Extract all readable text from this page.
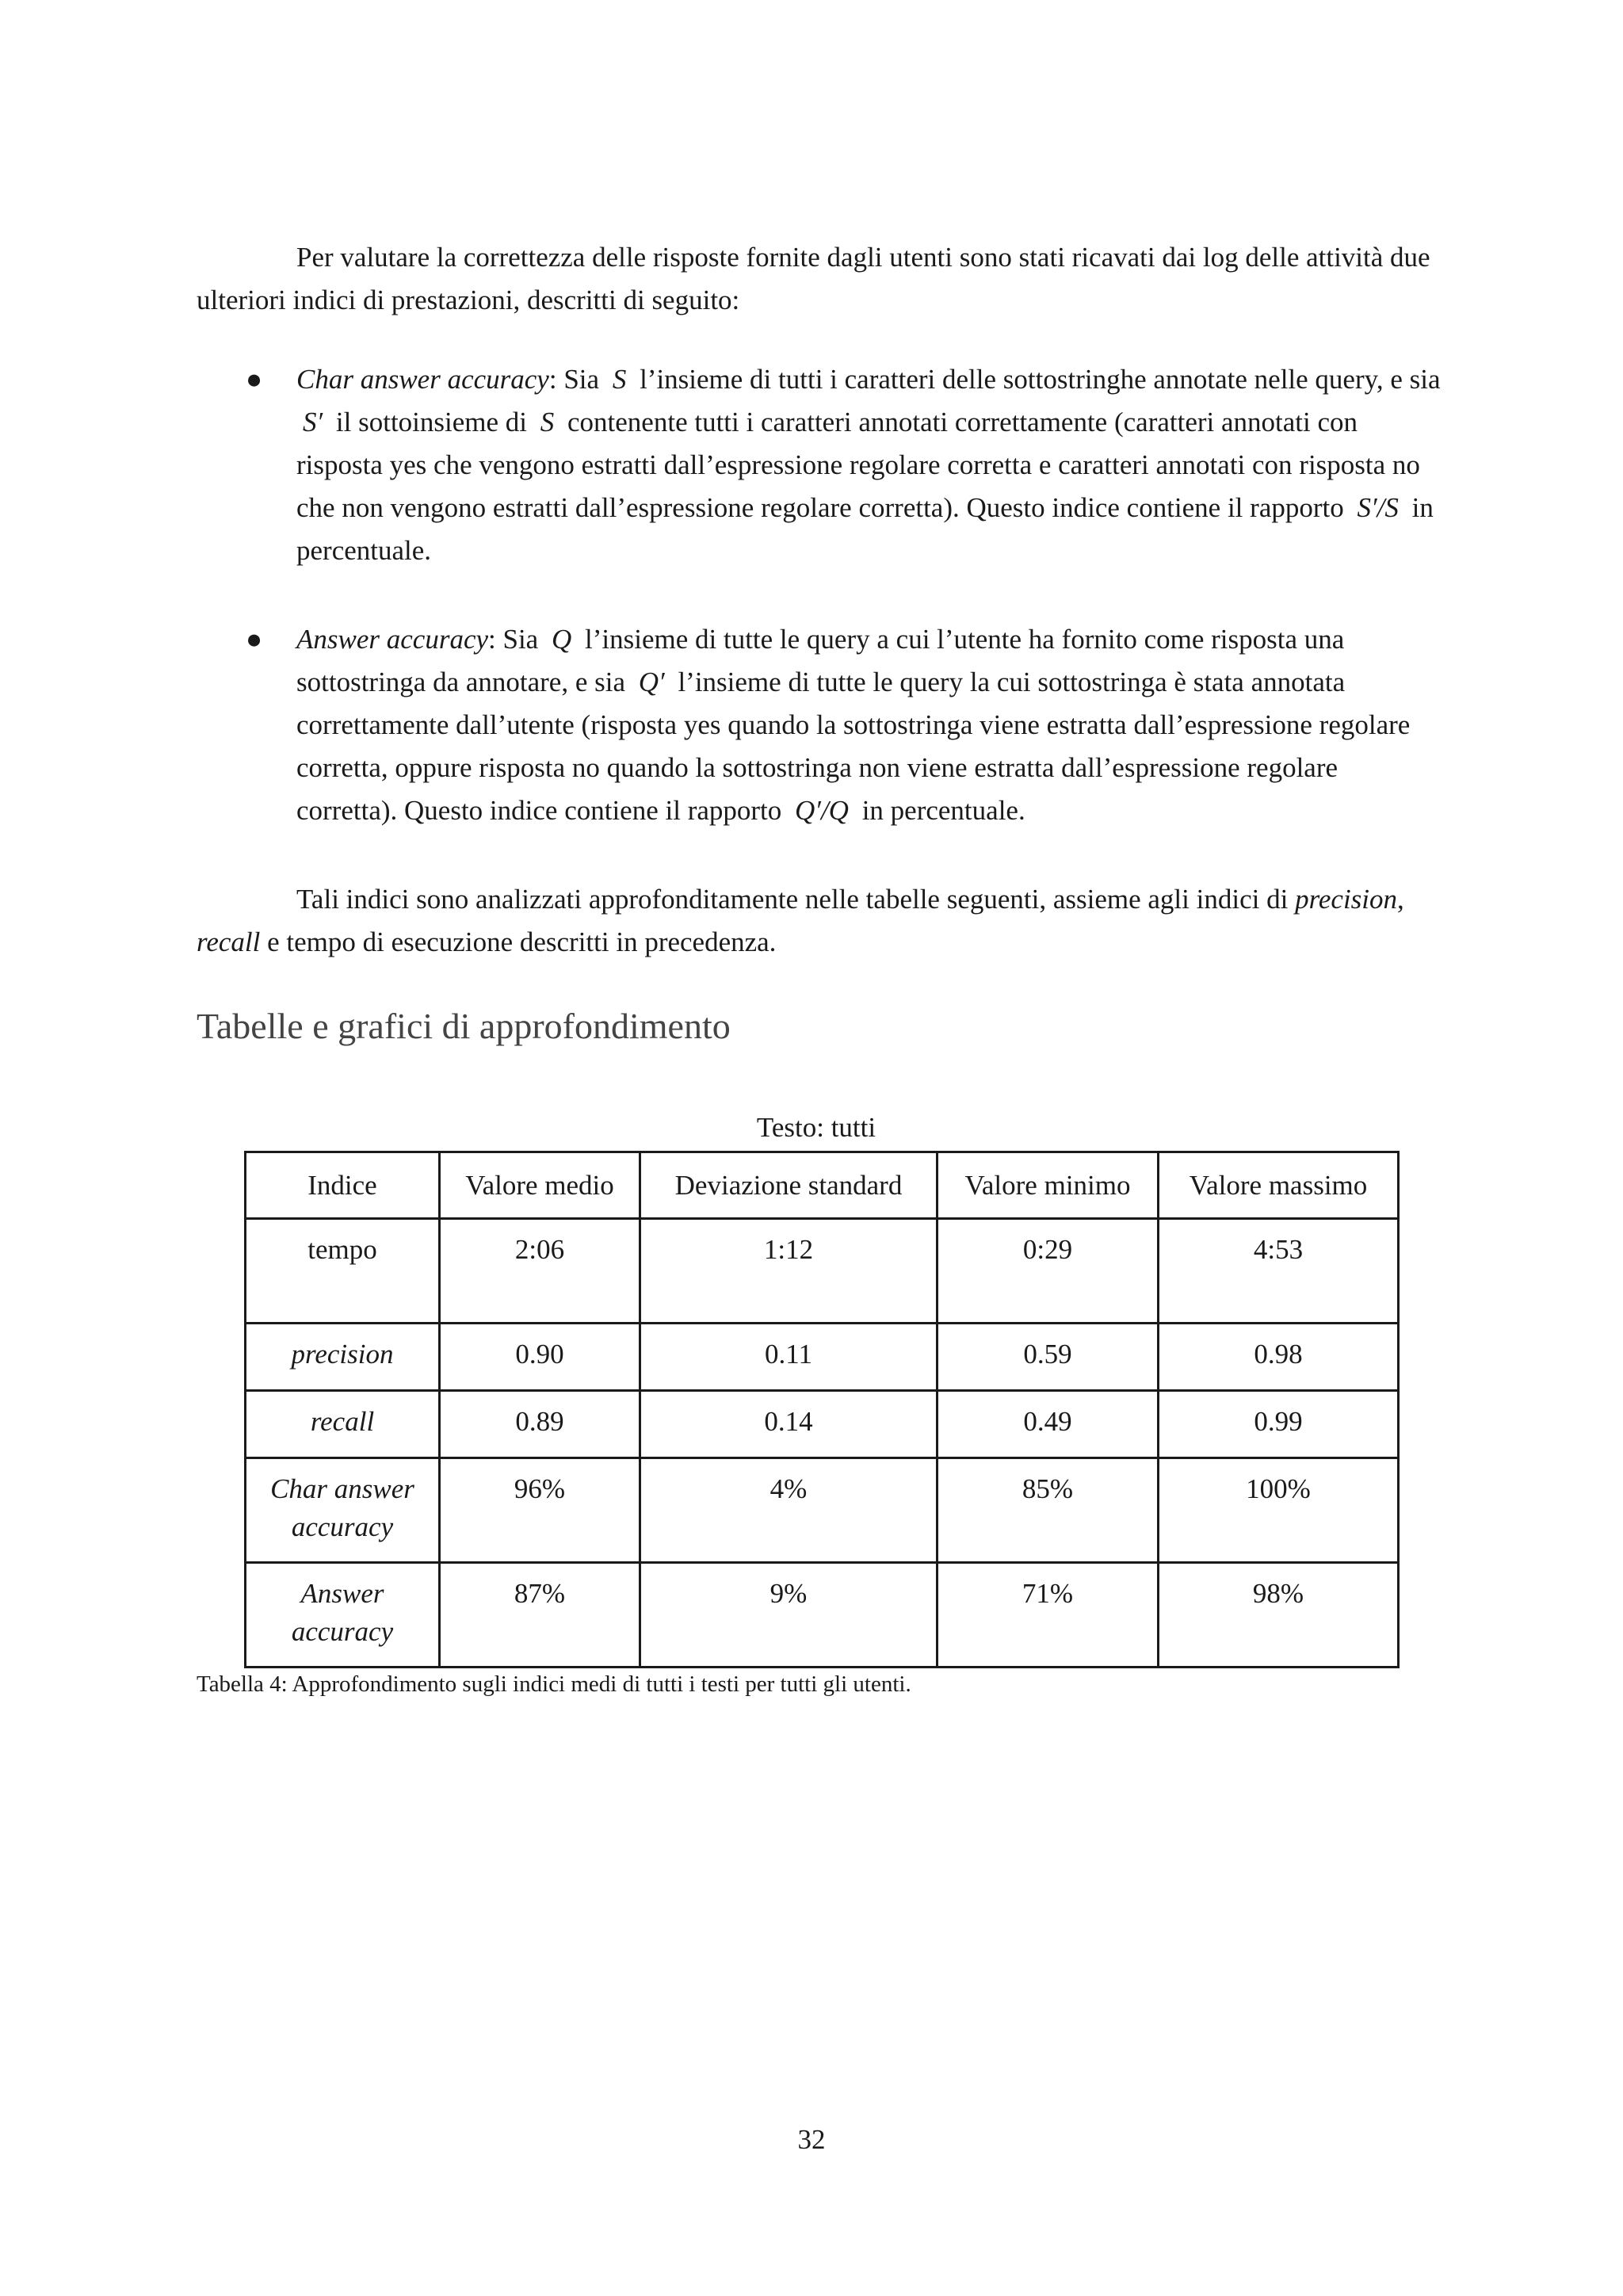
Per valutare la correttezza delle risposte fornite dagli utenti sono stati ricavati dai log delle attività due ulteriori indici di prestazioni, descritti di seguito:

● Char answer accuracy: Sia S l’insieme di tutti i caratteri delle sottostringhe annotate nelle query, e sia S′ il sottoinsieme di S contenente tutti i caratteri annotati correttamente (caratteri annotati con risposta yes che vengono estratti dall’espressione regolare corretta e caratteri annotati con risposta no che non vengono estratti dall’espressione regolare corretta). Questo indice contiene il rapporto S′/S in percentuale.
● Answer accuracy: Sia Q l’insieme di tutte le query a cui l’utente ha fornito come risposta una sottostringa da annotare, e sia Q′ l’insieme di tutte le query la cui sottostringa è stata annotata correttamente dall’utente (risposta yes quando la sottostringa viene estratta dall’espressione regolare corretta, oppure risposta no quando la sottostringa non viene estratta dall’espressione regolare corretta). Questo indice contiene il rapporto Q′/Q in percentuale.

Tali indici sono analizzati approfonditamente nelle tabelle seguenti, assieme agli indici di precision, recall e tempo di esecuzione descritti in precedenza.

Tabelle e grafici di approfondimento
Testo: tutti
Indice	Valore medio	Deviazione standard	Valore minimo	Valore massimo
tempo	2:06	1:12	0:29	4:53
precision	0.90	0.11	0.59	0.98
recall	0.89	0.14	0.49	0.99
Char answer accuracy	96%	4%	85%	100%
Answer accuracy	87%	9%	71%	98%
Tabella 4: Approfondimento sugli indici medi di tutti i testi per tutti gli utenti.
32
